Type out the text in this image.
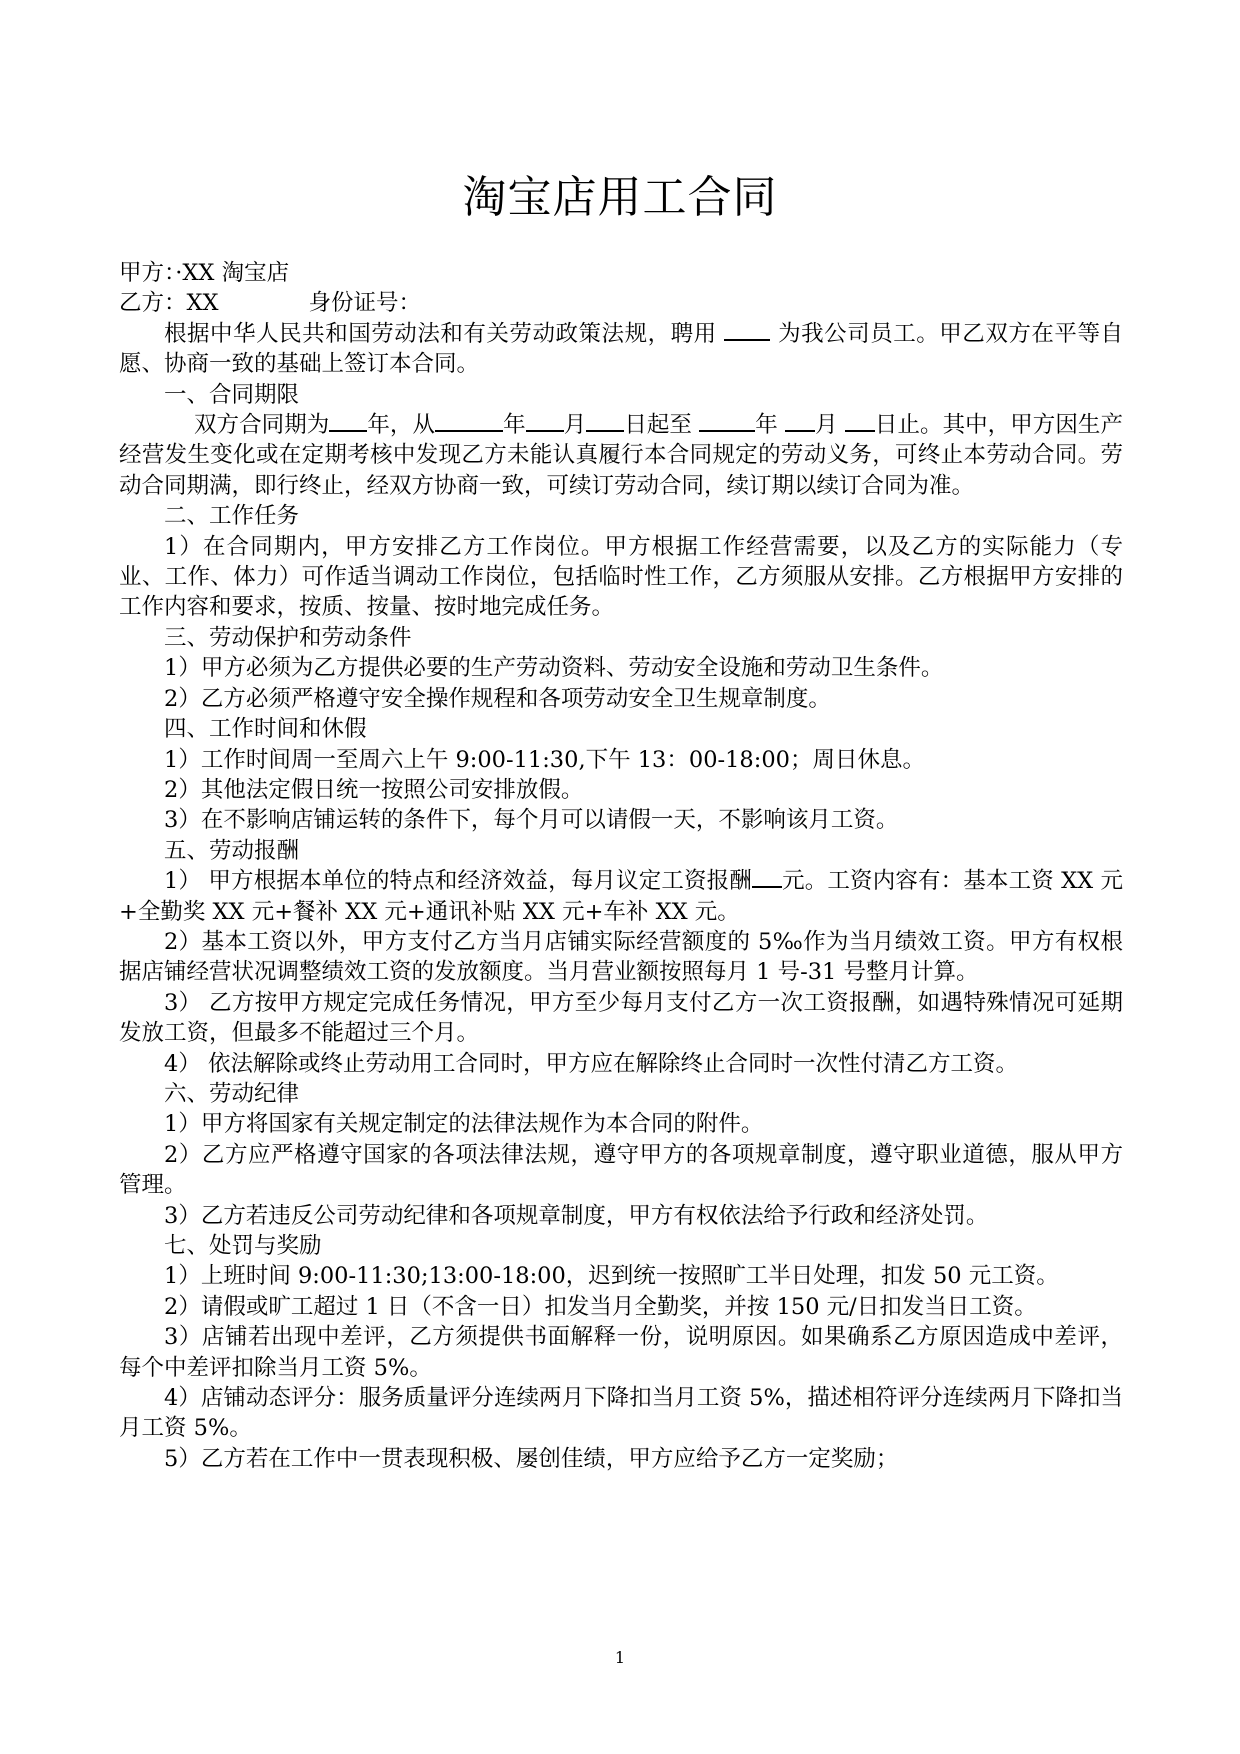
淘宝店用工合同

甲方：·XX 淘宝店

乙方：XX	身份证号：

根据中华人民共和国劳动法和有关劳动政策法规，聘用	为我公司员工。甲乙双方在平等自愿、协商一致的基础上签订本合同。

一、合同期限

双方合同期为 年，从	年 月 日起至	年 月 日止。其中，甲方因生产经营发生变化或在定期考核中发现乙方未能认真履行本合同规定的劳动义务，可终止本劳动合同。劳动合同期满，即行终止，经双方协商一致，可续订劳动合同，续订期以续订合同为准。

二、工作任务

1）在合同期内，甲方安排乙方工作岗位。甲方根据工作经营需要，以及乙方的实际能力（专业、工作、体力）可作适当调动工作岗位，包括临时性工作，乙方须服从安排。乙方根据甲方安排的工作内容和要求，按质、按量、按时地完成任务。

三、劳动保护和劳动条件

1）甲方必须为乙方提供必要的生产劳动资料、劳动安全设施和劳动卫生条件。

2）乙方必须严格遵守安全操作规程和各项劳动安全卫生规章制度。

四、工作时间和休假

1）工作时间周一至周六上午 9:00-11:30,下午 13：00-18:00；周日休息。

2）其他法定假日统一按照公司安排放假。

3）在不影响店铺运转的条件下，每个月可以请假一天，不影响该月工资。

五、劳动报酬

1） 甲方根据本单位的特点和经济效益，每月议定工资报酬 元。工资内容有：基本工资 XX 元+全勤奖 XX 元+餐补 XX 元+通讯补贴 XX 元+车补 XX 元。

2）基本工资以外，甲方支付乙方当月店铺实际经营额度的 5‰作为当月绩效工资。甲方有权根据店铺经营状况调整绩效工资的发放额度。当月营业额按照每月 1 号-31 号整月计算。

3） 乙方按甲方规定完成任务情况，甲方至少每月支付乙方一次工资报酬，如遇特殊情况可延期发放工资，但最多不能超过三个月。

4） 依法解除或终止劳动用工合同时，甲方应在解除终止合同时一次性付清乙方工资。

六、劳动纪律

1）甲方将国家有关规定制定的法律法规作为本合同的附件。

2）乙方应严格遵守国家的各项法律法规，遵守甲方的各项规章制度，遵守职业道德，服从甲方管理。

3）乙方若违反公司劳动纪律和各项规章制度，甲方有权依法给予行政和经济处罚。

七、处罚与奖励

1）上班时间 9:00-11:30;13:00-18:00，迟到统一按照旷工半日处理，扣发 50 元工资。

2）请假或旷工超过 1 日（不含一日）扣发当月全勤奖，并按 150 元/日扣发当日工资。

3）店铺若出现中差评，乙方须提供书面解释一份，说明原因。如果确系乙方原因造成中差评，每个中差评扣除当月工资 5%。

4）店铺动态评分：服务质量评分连续两月下降扣当月工资 5%，描述相符评分连续两月下降扣当月工资 5%。

5）乙方若在工作中一贯表现积极、屡创佳绩，甲方应给予乙方一定奖励；

1
